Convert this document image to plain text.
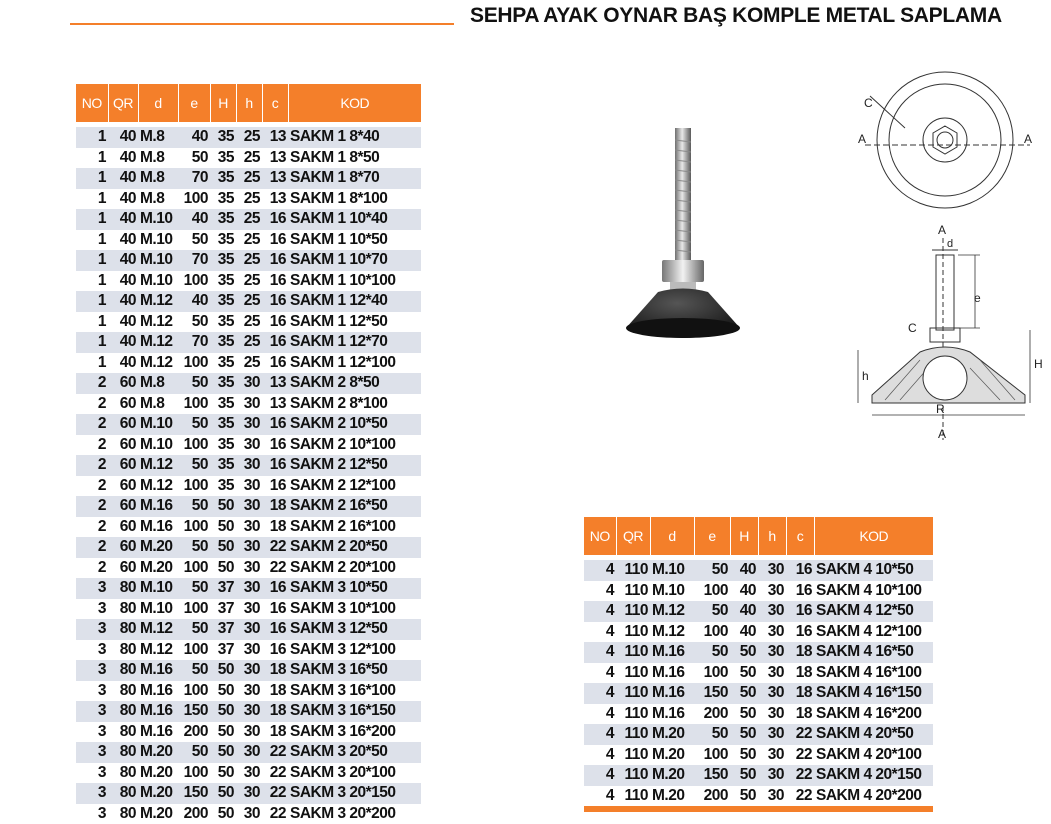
SEHPA AYAK OYNAR BAŞ KOMPLE METAL SAPLAMA
NO	QR	d	e	H	h	c	KOD

1	40	M.8	40	35	25	13	SAKM 1 8*40
1	40	M.8	50	35	25	13	SAKM 1 8*50
1	40	M.8	70	35	25	13	SAKM 1 8*70
1	40	M.8	100	35	25	13	SAKM 1 8*100
1	40	M.10	40	35	25	16	SAKM 1 10*40
1	40	M.10	50	35	25	16	SAKM 1 10*50
1	40	M.10	70	35	25	16	SAKM 1 10*70
1	40	M.10	100	35	25	16	SAKM 1 10*100
1	40	M.12	40	35	25	16	SAKM 1 12*40
1	40	M.12	50	35	25	16	SAKM 1 12*50
1	40	M.12	70	35	25	16	SAKM 1 12*70
1	40	M.12	100	35	25	16	SAKM 1 12*100
2	60	M.8	50	35	30	13	SAKM 2 8*50
2	60	M.8	100	35	30	13	SAKM 2 8*100
2	60	M.10	50	35	30	16	SAKM 2 10*50
2	60	M.10	100	35	30	16	SAKM 2 10*100
2	60	M.12	50	35	30	16	SAKM 2 12*50
2	60	M.12	100	35	30	16	SAKM 2 12*100
2	60	M.16	50	50	30	18	SAKM 2 16*50
2	60	M.16	100	50	30	18	SAKM 2 16*100
2	60	M.20	50	50	30	22	SAKM 2 20*50
2	60	M.20	100	50	30	22	SAKM 2 20*100
3	80	M.10	50	37	30	16	SAKM 3 10*50
3	80	M.10	100	37	30	16	SAKM 3 10*100
3	80	M.12	50	37	30	16	SAKM 3 12*50
3	80	M.12	100	37	30	16	SAKM 3 12*100
3	80	M.16	50	50	30	18	SAKM 3 16*50
3	80	M.16	100	50	30	18	SAKM 3 16*100
3	80	M.16	150	50	30	18	SAKM 3 16*150
3	80	M.16	200	50	30	18	SAKM 3 16*200
3	80	M.20	50	50	30	22	SAKM 3 20*50
3	80	M.20	100	50	30	22	SAKM 3 20*100
3	80	M.20	150	50	30	22	SAKM 3 20*150
3	80	M.20	200	50	30	22	SAKM 3 20*200
NO	QR	d	e	H	h	c	KOD

4	110	M.10	50	40	30	16	SAKM 4 10*50
4	110	M.10	100	40	30	16	SAKM 4 10*100
4	110	M.12	50	40	30	16	SAKM 4 12*50
4	110	M.12	100	40	30	16	SAKM 4 12*100
4	110	M.16	50	50	30	18	SAKM 4 16*50
4	110	M.16	100	50	30	18	SAKM 4 16*100
4	110	M.16	150	50	30	18	SAKM 4 16*150
4	110	M.16	200	50	30	18	SAKM 4 16*200
4	110	M.20	50	50	30	22	SAKM 4 20*50
4	110	M.20	100	50	30	22	SAKM 4 20*100
4	110	M.20	150	50	30	22	SAKM 4 20*150
4	110	M.20	200	50	30	22	SAKM 4 20*200
C
A	A
A
d
e
C
h
H
R
A
